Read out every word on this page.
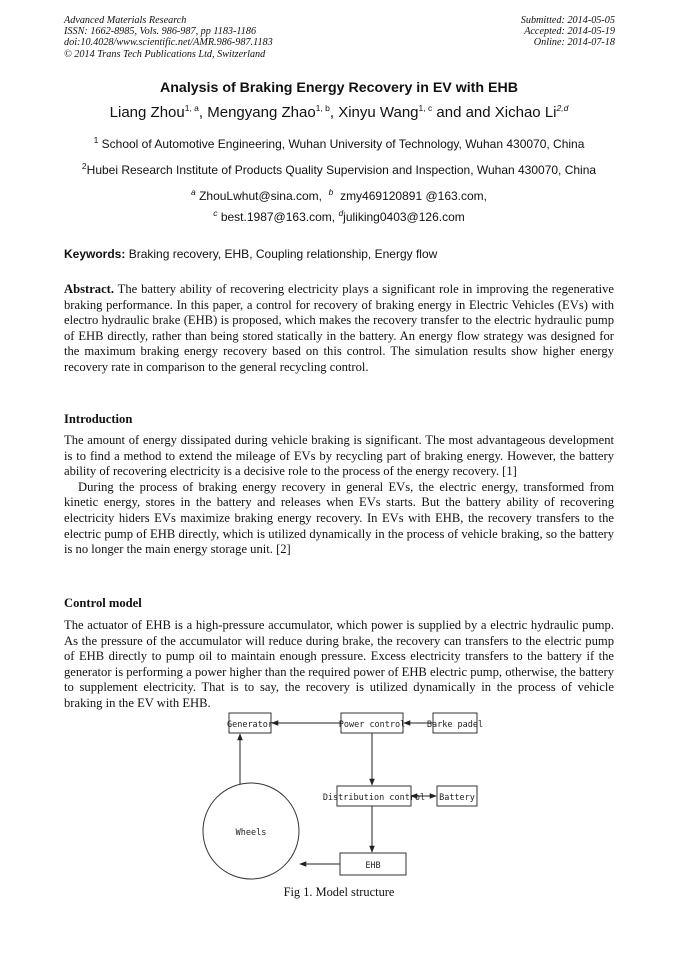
Advanced Materials Research
ISSN: 1662-8985, Vols. 986-987, pp 1183-1186
doi:10.4028/www.scientific.net/AMR.986-987.1183
© 2014 Trans Tech Publications Ltd, Switzerland
Submitted: 2014-05-05
Accepted: 2014-05-19
Online: 2014-07-18
Analysis of Braking Energy Recovery in EV with EHB
Liang Zhou$^{1, a}$, Mengyang Zhao$^{1, b}$, Xinyu Wang$^{1, c}$ and and Xichao Li$^{2,d}$
$^1$ School of Automotive Engineering, Wuhan University of Technology, Wuhan 430070, China
$^2$Hubei Research Institute of Products Quality Supervision and Inspection, Wuhan 430070, China
$^a$ ZhouLwhut@sina.com, $^b$ zmy469120891 @163.com,
$^c$ best.1987@163.com, $^d$juliking0403@126.com
Keywords: Braking recovery, EHB, Coupling relationship, Energy flow

Abstract. The battery ability of recovering electricity plays a significant role in improving the regenerative braking performance. In this paper, a control for recovery of braking energy in Electric Vehicles (EVs) with electro hydraulic brake (EHB) is proposed, which makes the recovery transfer to the electric hydraulic pump of EHB directly, rather than being stored statically in the battery. An energy flow strategy was designed for the maximum braking energy recovery based on this control. The simulation results show higher energy recovery rate in comparison to the general recycling control.

Introduction

The amount of energy dissipated during vehicle braking is significant. The most advantageous development is to find a method to extend the mileage of EVs by recycling part of braking energy. However, the battery ability of recovering electricity is a decisive role to the process of the energy recovery. [1]

During the process of braking energy recovery in general EVs, the electric energy, transformed from kinetic energy, stores in the battery and releases when EVs starts. But the battery ability of recovering electricity hiders EVs maximize braking energy recovery. In EVs with EHB, the recovery transfers to the electric pump of EHB directly, which is utilized dynamically in the process of vehicle braking, so the battery is no longer the main energy storage unit. [2]

Control model

The actuator of EHB is a high-pressure accumulator, which power is supplied by a electric hydraulic pump. As the pressure of the accumulator will reduce during brake, the recovery can transfers to the electric pump of EHB directly to pump oil to maintain enough pressure. Excess electricity transfers to the battery if the generator is performing a power higher than the required power of EHB electric pump, otherwise, the battery to supplement electricity. That is to say, the recovery is utilized dynamically in the process of vehicle braking in the EV with EHB.

Generator	Power control	Barke padel
Distribution control Battery
Wheels
EHB
Fig 1. Model structure
